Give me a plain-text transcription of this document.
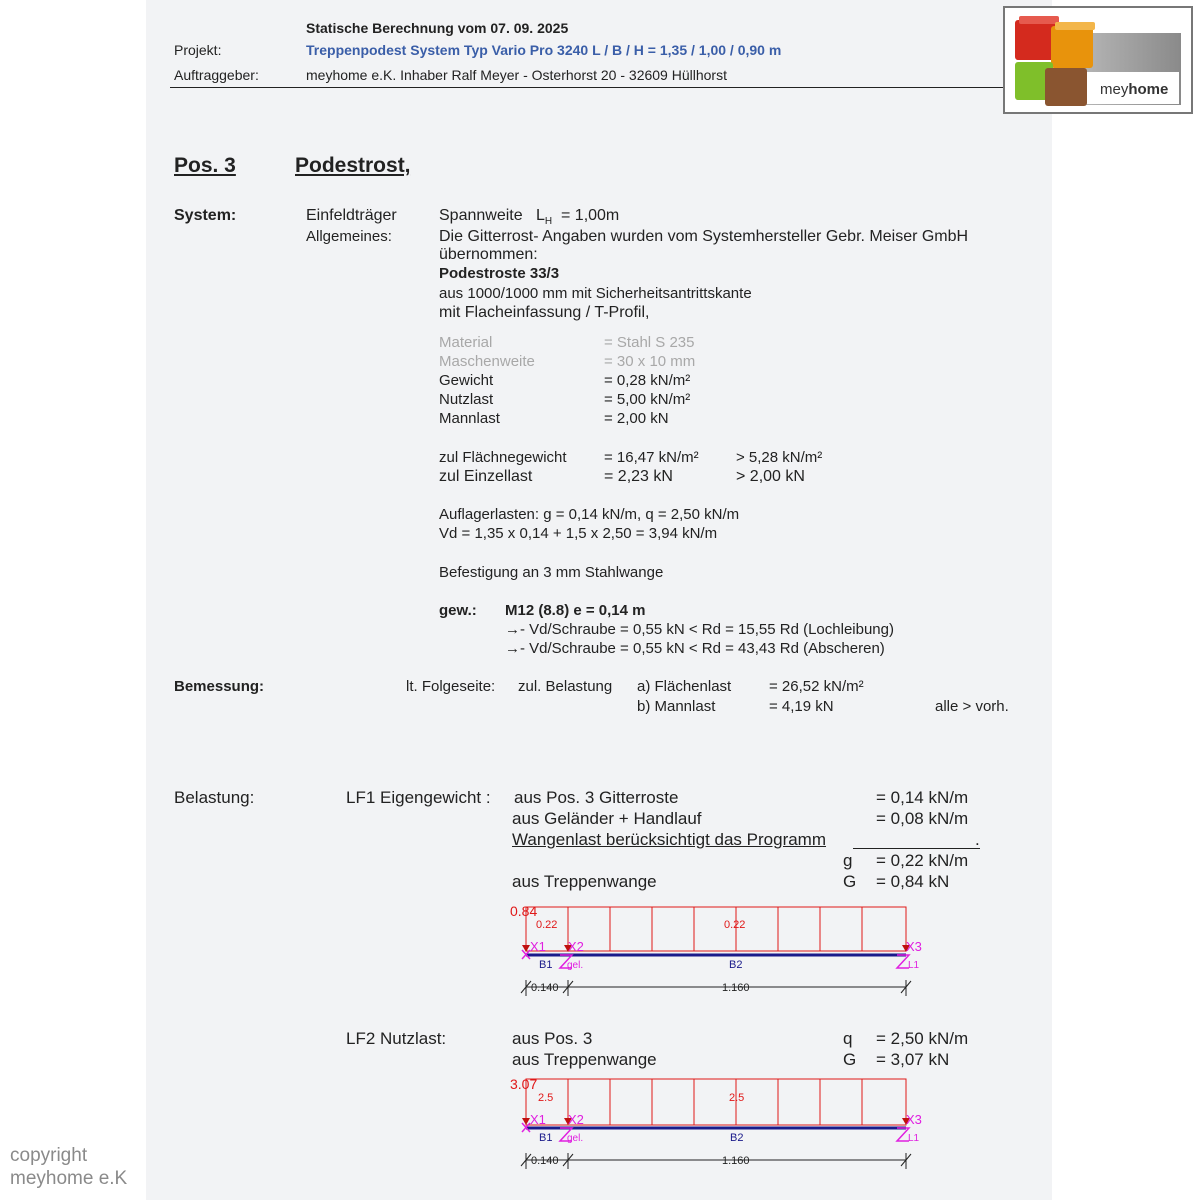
Statische Berechnung vom 07. 09. 2025
Projekt:	Treppenpodest System Typ Vario Pro 3240 L / B / H = 1,35 / 1,00 / 0,90 m
Auftraggeber:	meyhome e.K. Inhaber Ralf Meyer - Osterhorst 20 - 32609 Hüllhorst
meyhome
Pos. 3	Podestrost,
System:	Einfeldträger	Spannweite $L_H = 1,00m$
Allgemeines:	Die Gitterrost- Angaben wurden vom Systemhersteller Gebr. Meiser GmbH
übernommen:
Podestroste 33/3
aus 1000/1000 mm mit Sicherheitsantrittskante
mit Flacheinfassung / T-Profil,
Material	= Stahl S 235
Maschenweite	= 30 x 10 mm
Gewicht	= 0,28 kN/m²
Nutzlast	= 5,00 kN/m²
Mannlast	= 2,00 kN
zul Flächnegewicht = 16,47 kN/m² > 5,28 kN/m²
zul Einzellast	= 2,23 kN	> 2,00 kN
Auflagerlasten: g = 0,14 kN/m, q = 2,50 kN/m
Vd = 1,35 x 0,14 + 1,5 x 2,50 = 3,94 kN/m
Befestigung an 3 mm Stahlwange
gew.: M12 (8.8) e = 0,14 m
→- Vd/Schraube = 0,55 kN < Rd = 15,55 Rd (Lochleibung)
→- Vd/Schraube = 0,55 kN < Rd = 43,43 Rd (Abscheren)
Bemessung:	lt. Folgeseite: zul. Belastung a) Flächenlast	= 26,52 kN/m²
b) Mannlast	= 4,19 kN	alle > vorh.
Belastung:	LF1 Eigengewicht : aus Pos. 3 Gitterroste	= 0,14 kN/m
aus Geländer + Handlauf	= 0,08 kN/m
Wangenlast berücksichtigt das Programm	.
g = 0,22 kN/m
aus Treppenwange	G = 0,84 kN
LF2 Nutzlast:	aus Pos. 3	q = 2,50 kN/m
aus Treppenwange	G = 3,07 kN
0.84
0.22	0.22
X1 X2	X3
B1	B2
gel.	L1
0.140	1.160
3.07
2.5	2.5
X1 X2	X3
B1	B2
gel.	L1
0.140	1.160
copyright
meyhome e.K
